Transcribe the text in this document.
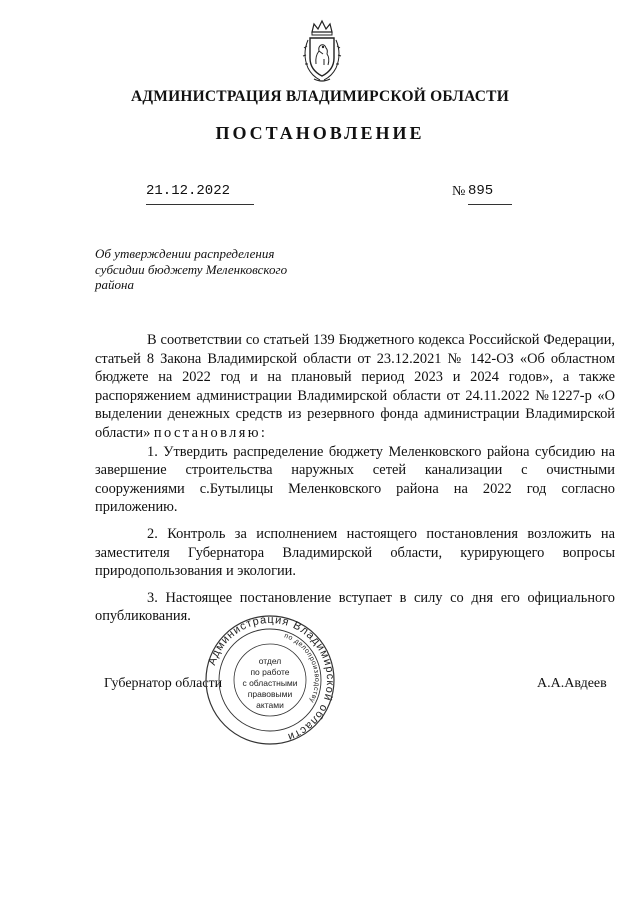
АДМИНИСТРАЦИЯ ВЛАДИМИРСКОЙ ОБЛАСТИ
ПОСТАНОВЛЕНИЕ
21.12.2022	№ 895
Об утверждении распределения
субсидии бюджету Меленковского
района

В соответствии со статьей 139 Бюджетного кодекса Российской Федерации, статьей 8 Закона Владимирской области от 23.12.2021 № 142-ОЗ «Об областном бюджете на 2022 год и на плановый период 2023 и 2024 годов», а также распоряжением администрации Владимирской области от 24.11.2022 №1227-р «О выделении денежных средств из резервного фонда администрации Владимирской области» постановляю:

1. Утвердить распределение бюджету Меленковского района субсидию на завершение строительства наружных сетей канализации с очистными сооружениями с.Бутылицы Меленковского района на 2022 год согласно приложению.

2. Контроль за исполнением настоящего постановления возложить на заместителя Губернатора Владимирской области, курирующего вопросы природопользования и экологии.

3. Настоящее постановление вступает в силу со дня его официального опубликования.

Губернатор области	А.А.Авдеев
Администрация Владимирской области
по делопроизводству
отдел
по работе
с областными
правовыми
актами
